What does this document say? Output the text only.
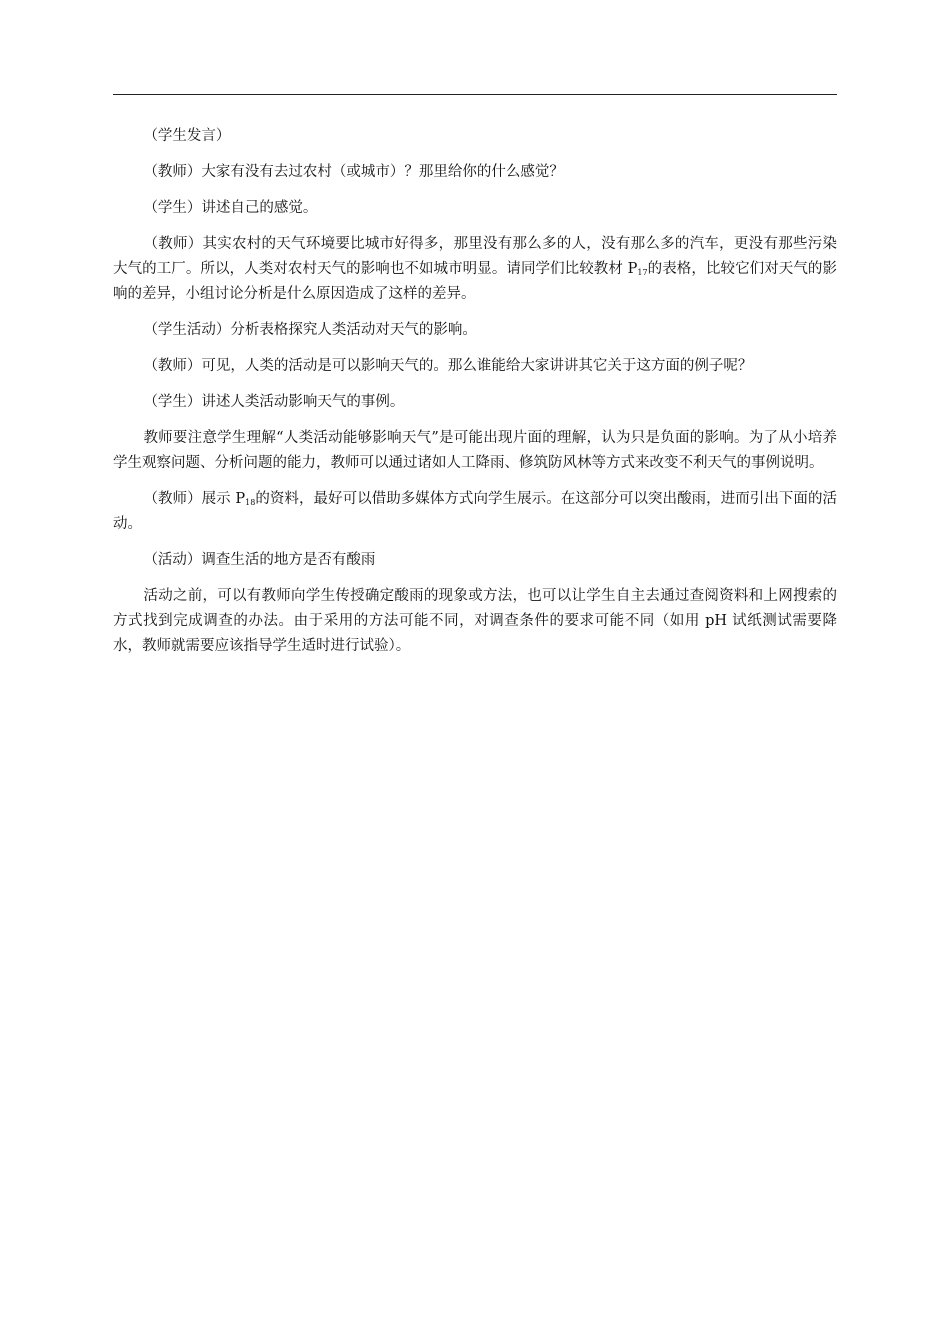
（学生发言）

（教师）大家有没有去过农村（或城市）？那里给你的什么感觉？

（学生）讲述自己的感觉。

（教师）其实农村的天气环境要比城市好得多，那里没有那么多的人，没有那么多的汽车，更没有那些污染大气的工厂。所以，人类对农村天气的影响也不如城市明显。请同学们比较教材 $P_{17}$的表格，比较它们对天气的影响的差异，小组讨论分析是什么原因造成了这样的差异。

（学生活动）分析表格探究人类活动对天气的影响。

（教师）可见，人类的活动是可以影响天气的。那么谁能给大家讲讲其它关于这方面的例子呢？

（学生）讲述人类活动影响天气的事例。

教师要注意学生理解“人类活动能够影响天气”是可能出现片面的理解，认为只是负面的影响。为了从小培养学生观察问题、分析问题的能力，教师可以通过诸如人工降雨、修筑防风林等方式来改变不利天气的事例说明。

（教师）展示 $P_{18}$的资料，最好可以借助多媒体方式向学生展示。在这部分可以突出酸雨，进而引出下面的活动。

（活动）调查生活的地方是否有酸雨

活动之前，可以有教师向学生传授确定酸雨的现象或方法，也可以让学生自主去通过查阅资料和上网搜索的方式找到完成调查的办法。由于采用的方法可能不同，对调查条件的要求可能不同（如用 pH 试纸测试需要降水，教师就需要应该指导学生适时进行试验）。
